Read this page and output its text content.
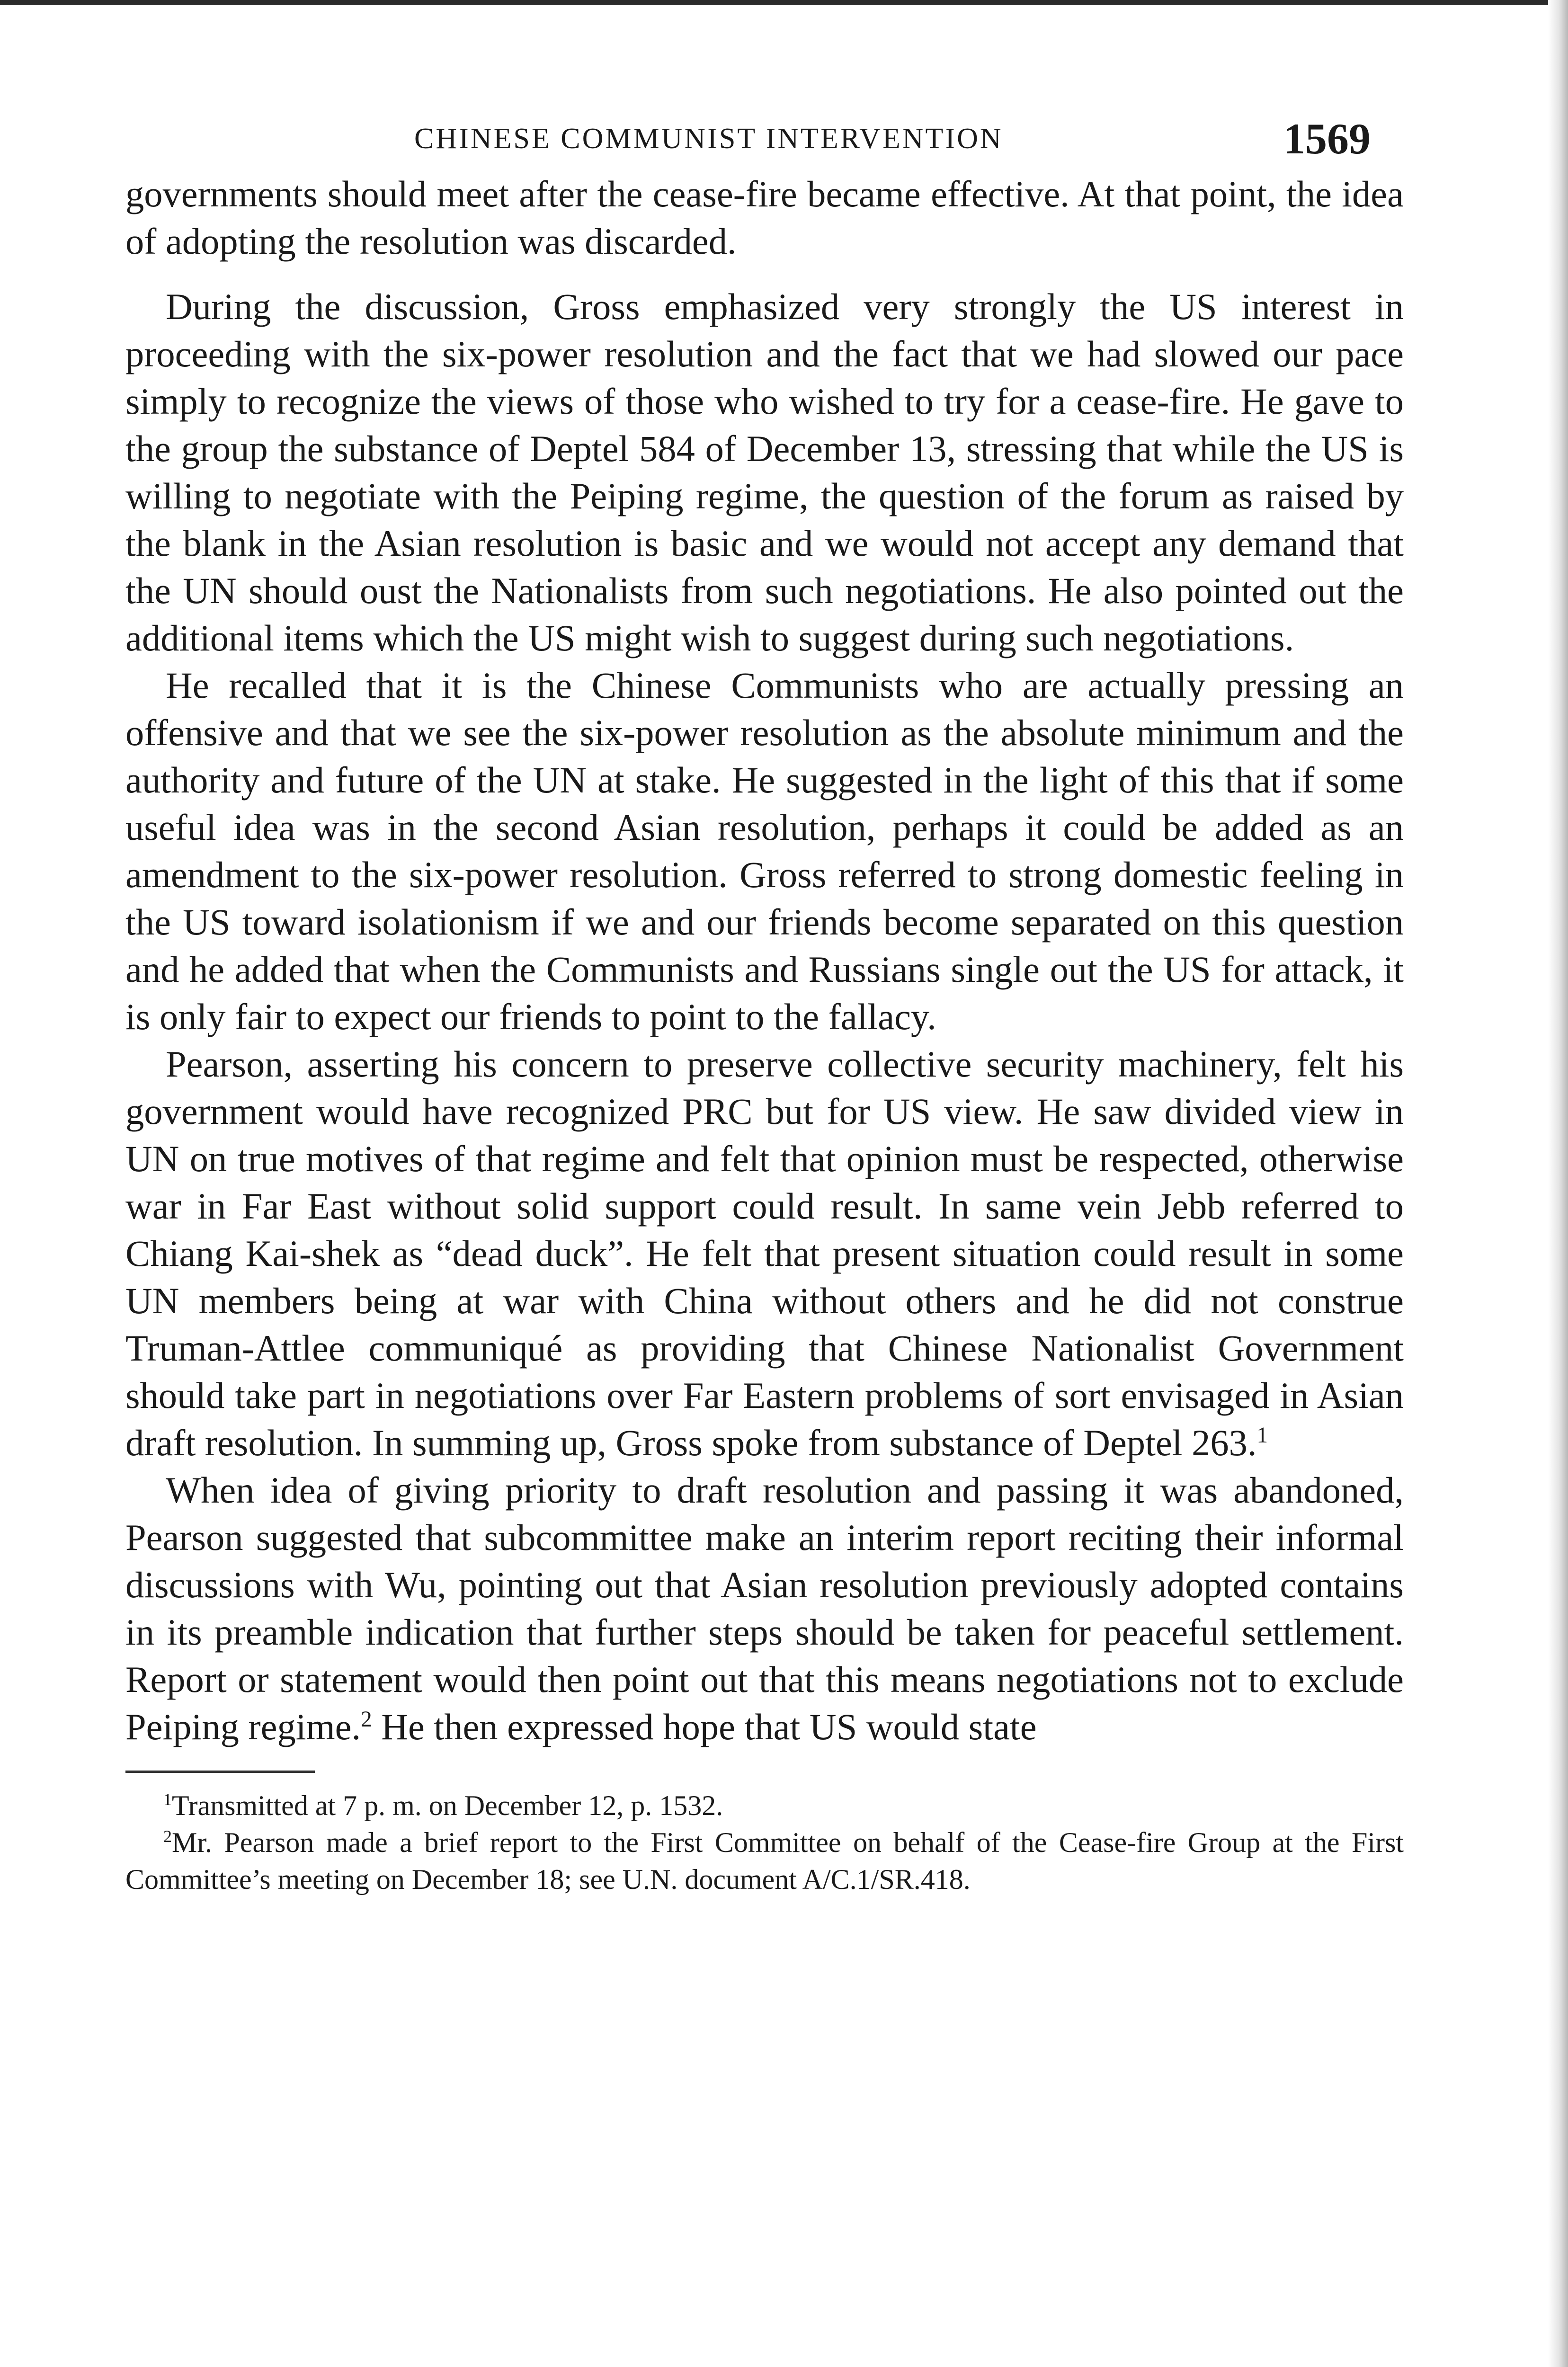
CHINESE COMMUNIST INTERVENTION	1569

governments should meet after the cease-fire became effective. At that point, the idea of adopting the resolution was discarded.

During the discussion, Gross emphasized very strongly the US interest in proceeding with the six-power resolution and the fact that we had slowed our pace simply to recognize the views of those who wished to try for a cease-fire. He gave to the group the substance of Deptel 584 of December 13, stressing that while the US is willing to negotiate with the Peiping regime, the question of the forum as raised by the blank in the Asian resolution is basic and we would not accept any demand that the UN should oust the Nationalists from such negotiations. He also pointed out the additional items which the US might wish to suggest during such negotiations.

He recalled that it is the Chinese Communists who are actually pressing an offensive and that we see the six-power resolution as the absolute minimum and the authority and future of the UN at stake. He suggested in the light of this that if some useful idea was in the second Asian resolution, perhaps it could be added as an amendment to the six-power resolution. Gross referred to strong domestic feeling in the US toward isolationism if we and our friends become separated on this question and he added that when the Communists and Russians single out the US for attack, it is only fair to expect our friends to point to the fallacy.

Pearson, asserting his concern to preserve collective security machinery, felt his government would have recognized PRC but for US view. He saw divided view in UN on true motives of that regime and felt that opinion must be respected, otherwise war in Far East without solid support could result. In same vein Jebb referred to Chiang Kai-shek as “dead duck”. He felt that present situation could result in some UN members being at war with China without others and he did not construe Truman-Attlee communiqué as providing that Chinese Nationalist Government should take part in negotiations over Far Eastern problems of sort envisaged in Asian draft resolution. In summing up, Gross spoke from substance of Deptel 263.$^1$

When idea of giving priority to draft resolution and passing it was abandoned, Pearson suggested that subcommittee make an interim report reciting their informal discussions with Wu, pointing out that Asian resolution previously adopted contains in its preamble indication that further steps should be taken for peaceful settlement. Report or statement would then point out that this means negotiations not to exclude Peiping regime.$^2$ He then expressed hope that US would state

$^1$Transmitted at 7 p. m. on December 12, p. 1532.

$^2$Mr. Pearson made a brief report to the First Committee on behalf of the Cease-fire Group at the First Committee’s meeting on December 18; see U.N. document A/C.1/SR.418.
